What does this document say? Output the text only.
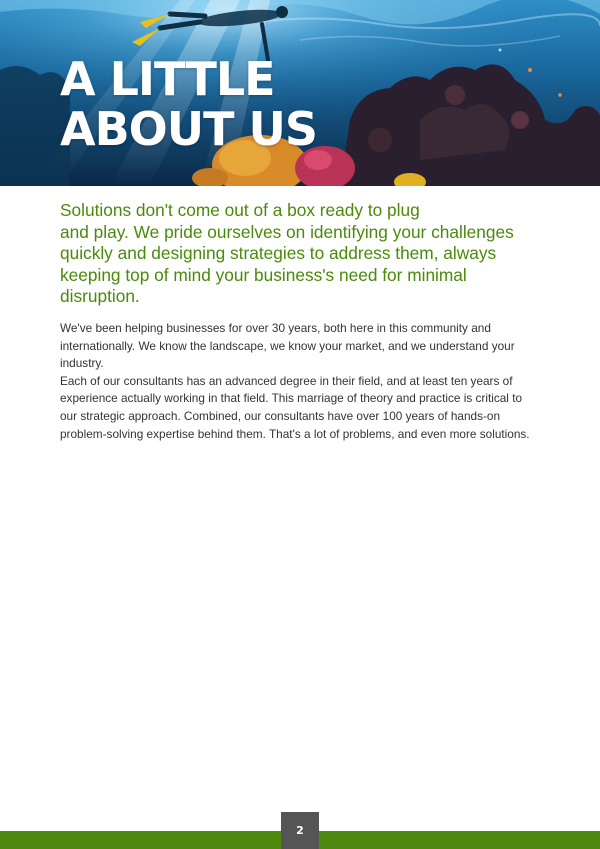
A LITTLE
ABOUT US

Solutions don't come out of a box ready to plug
and play. We pride ourselves on identifying your challenges
quickly and designing strategies to address them, always
keeping top of mind your business's need for minimal
disruption.

We've been helping businesses for over 30 years, both here in this community and
internationally. We know the landscape, we know your market, and we understand your
industry.

Each of our consultants has an advanced degree in their field, and at least ten years of
experience actually working in that field. This marriage of theory and practice is critical to
our strategic approach. Combined, our consultants have over 100 years of hands-on
problem-solving expertise behind them. That's a lot of problems, and even more solutions.

2
